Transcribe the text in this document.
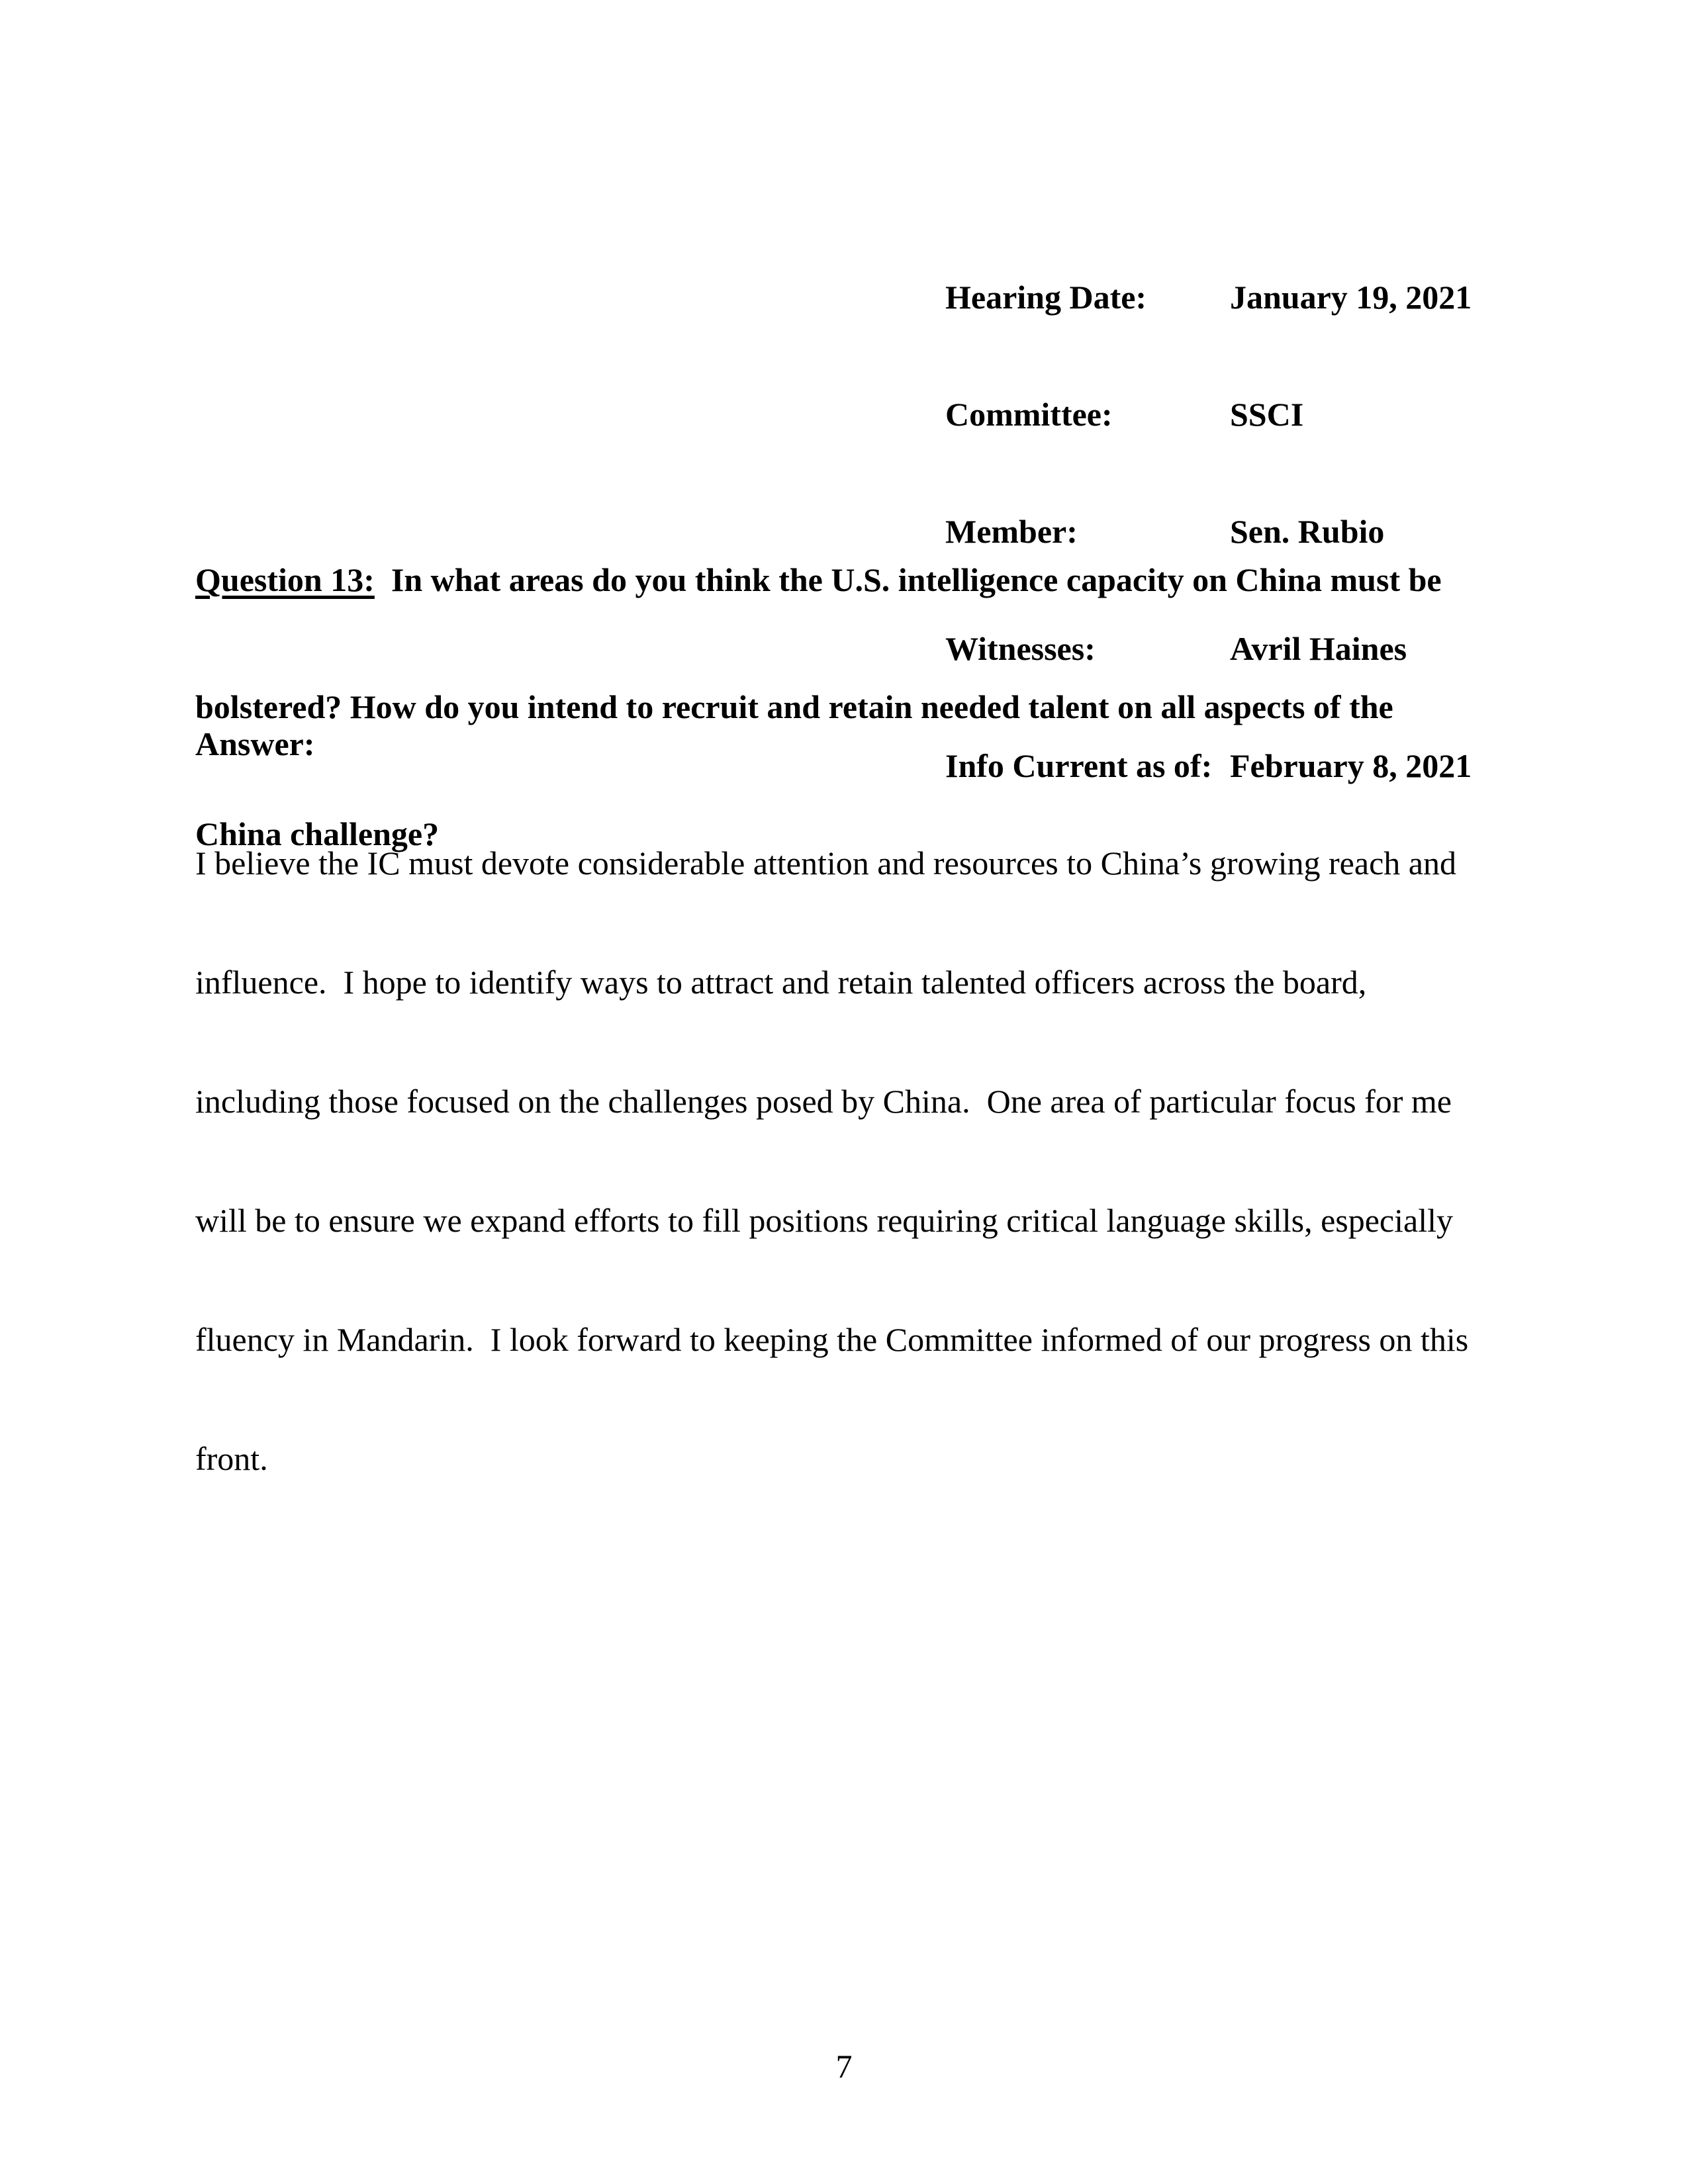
Hearing Date:	January 19, 2021

Committee:	SSCI

Member:	Sen. Rubio

Witnesses:	Avril Haines

Info Current as of: February 8, 2021

Question 13:  In what areas do you think the U.S. intelligence capacity on China must be

bolstered? How do you intend to recruit and retain needed talent on all aspects of the

China challenge?

Answer:

I believe the IC must devote considerable attention and resources to China’s growing reach and

influence.  I hope to identify ways to attract and retain talented officers across the board,

including those focused on the challenges posed by China.  One area of particular focus for me

will be to ensure we expand efforts to fill positions requiring critical language skills, especially

fluency in Mandarin.  I look forward to keeping the Committee informed of our progress on this

front.

7
